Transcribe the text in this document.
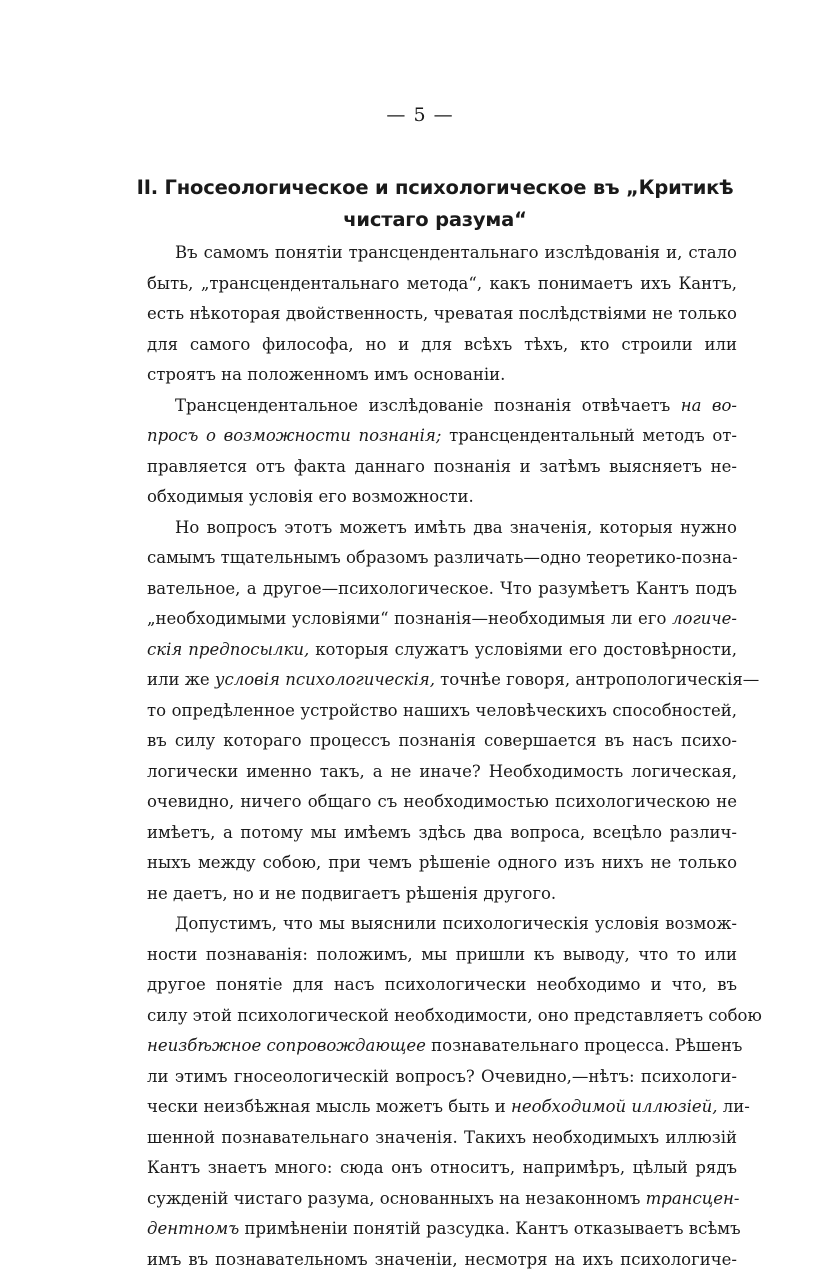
— 5 —
II. Гносеологическое и психологическое въ „Критикѣ чистаго разума“
Въ самомъ понятіи трансцендентальнаго изслѣдованія и, стало
быть, „трансцендентальнаго метода“, какъ понимаетъ ихъ Кантъ,
есть нѣкоторая двойственность, чреватая послѣдствіями не только
для самого философа, но и для всѣхъ тѣхъ, кто строили или
строятъ на положенномъ имъ основаніи.
Трансцендентальное изслѣдованіе познанія отвѣчаетъ на во-
просъ о возможности познанія; трансцендентальный методъ от-
правляется отъ факта даннаго познанія и затѣмъ выясняетъ не-
обходимыя условія его возможности.
Но вопросъ этотъ можетъ имѣть два значенія, которыя нужно
самымъ тщательнымъ образомъ различать—одно теоретико-позна-
вательное, а другое—психологическое. Что разумѣетъ Кантъ подъ
„необходимыми условіями“ познанія—необходимыя ли его логиче-
скія предпосылки, которыя служатъ условіями его достовѣрности,
или же условія психологическія, точнѣе говоря, антропологическія—
то опредѣленное устройство нашихъ человѣческихъ способностей,
въ силу котораго процессъ познанія совершается въ насъ психо-
логически именно такъ, а не иначе? Необходимость логическая,
очевидно, ничего общаго съ необходимостью психологическою не
имѣетъ, а потому мы имѣемъ здѣсь два вопроса, всецѣло различ-
ныхъ между собою, при чемъ рѣшеніе одного изъ нихъ не только
не даетъ, но и не подвигаетъ рѣшенія другого.
Допустимъ, что мы выяснили психологическія условія возмож-
ности познаванія: положимъ, мы пришли къ выводу, что то или
другое понятіе для насъ психологически необходимо и что, въ
силу этой психологической необходимости, оно представляетъ собою
неизбѣжное сопровождающее познавательнаго процесса. Рѣшенъ
ли этимъ гносеологическій вопросъ? Очевидно,—нѣтъ: психологи-
чески неизбѣжная мысль можетъ быть и необходимой иллюзіей, ли-
шенной познавательнаго значенія. Такихъ необходимыхъ иллюзій
Кантъ знаетъ много: сюда онъ относитъ, напримѣръ, цѣлый рядъ
сужденій чистаго разума, основанныхъ на незаконномъ трансцен-
дентномъ примѣненіи понятій разсудка. Кантъ отказываетъ всѣмъ
имъ въ познавательномъ значеніи, несмотря на ихъ психологиче-
